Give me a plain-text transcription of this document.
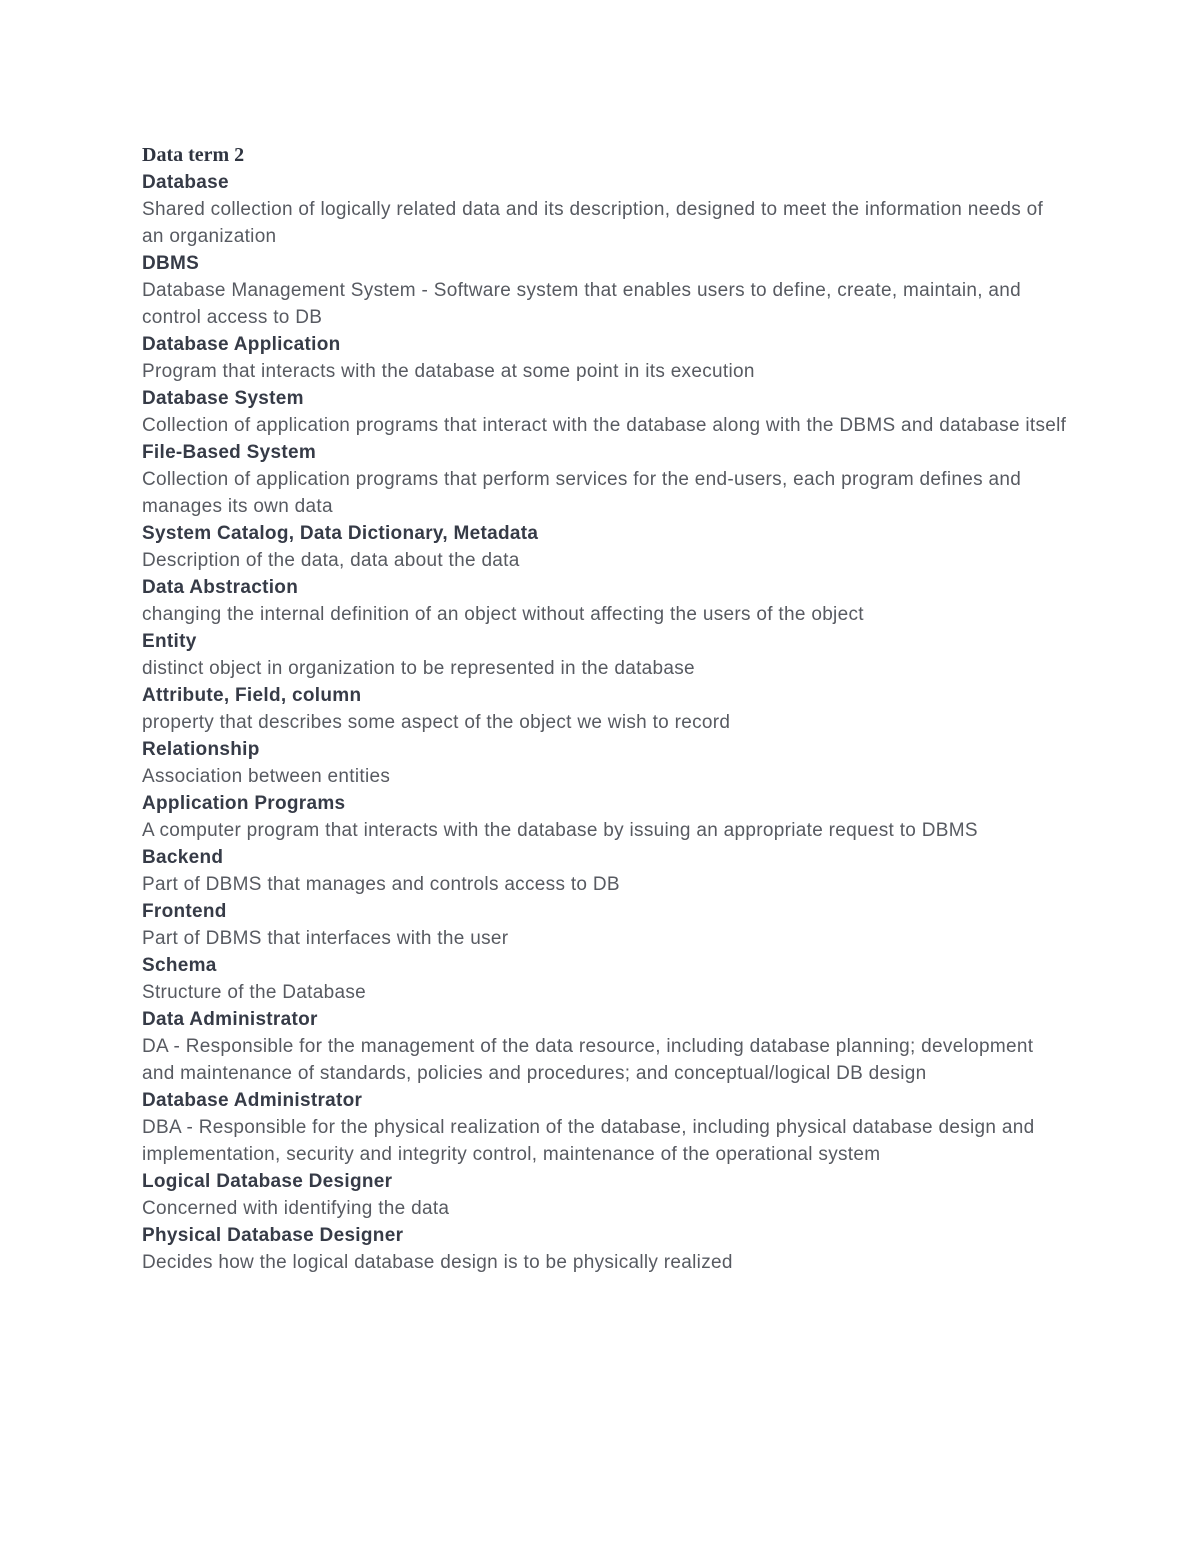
Data term 2
Database
Shared collection of logically related data and its description, designed to meet the information needs of an organization
DBMS
Database Management System - Software system that enables users to define, create, maintain, and control access to DB
Database Application
Program that interacts with the database at some point in its execution
Database System
Collection of application programs that interact with the database along with the DBMS and database itself
File-Based System
Collection of application programs that perform services for the end-users, each program defines and manages its own data
System Catalog, Data Dictionary, Metadata
Description of the data, data about the data
Data Abstraction
changing the internal definition of an object without affecting the users of the object
Entity
distinct object in organization to be represented in the database
Attribute, Field, column
property that describes some aspect of the object we wish to record
Relationship
Association between entities
Application Programs
A computer program that interacts with the database by issuing an appropriate request to DBMS
Backend
Part of DBMS that manages and controls access to DB
Frontend
Part of DBMS that interfaces with the user
Schema
Structure of the Database
Data Administrator
DA - Responsible for the management of the data resource, including database planning; development and maintenance of standards, policies and procedures; and conceptual/logical DB design
Database Administrator
DBA - Responsible for the physical realization of the database, including physical database design and implementation, security and integrity control, maintenance of the operational system
Logical Database Designer
Concerned with identifying the data
Physical Database Designer
Decides how the logical database design is to be physically realized
